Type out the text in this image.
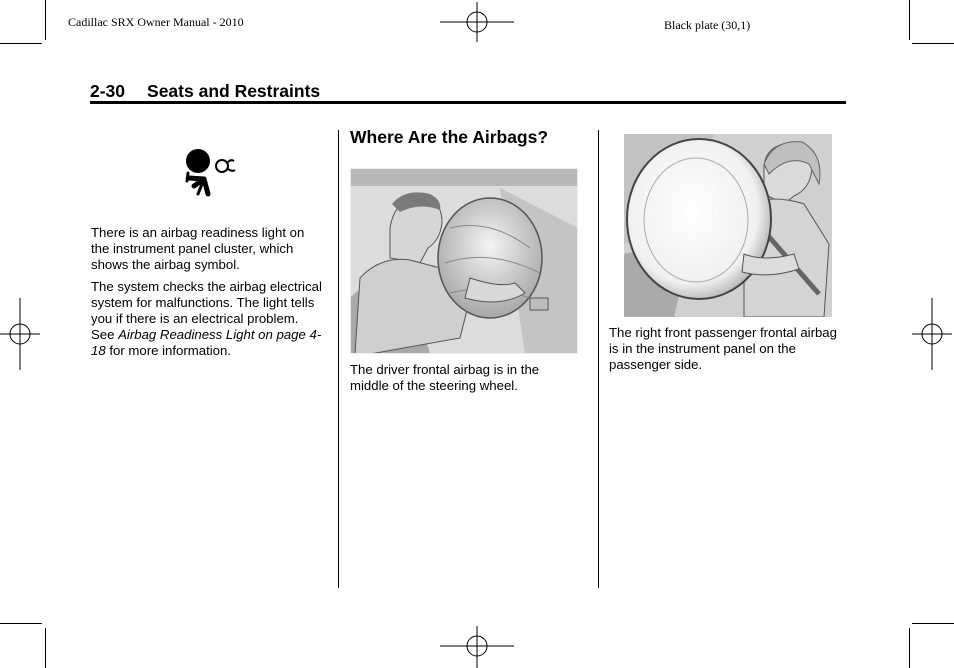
Cadillac SRX Owner Manual - 2010	Black plate (30,1)
2-30 Seats and Restraints

There is an airbag readiness light on the instrument panel cluster, which shows the airbag symbol.

The system checks the airbag electrical system for malfunctions. The light tells you if there is an electrical problem. See Airbag Readiness Light on page 4-18 for more information.

Where Are the Airbags?

The driver frontal airbag is in the middle of the steering wheel.

The right front passenger frontal airbag is in the instrument panel on the passenger side.
